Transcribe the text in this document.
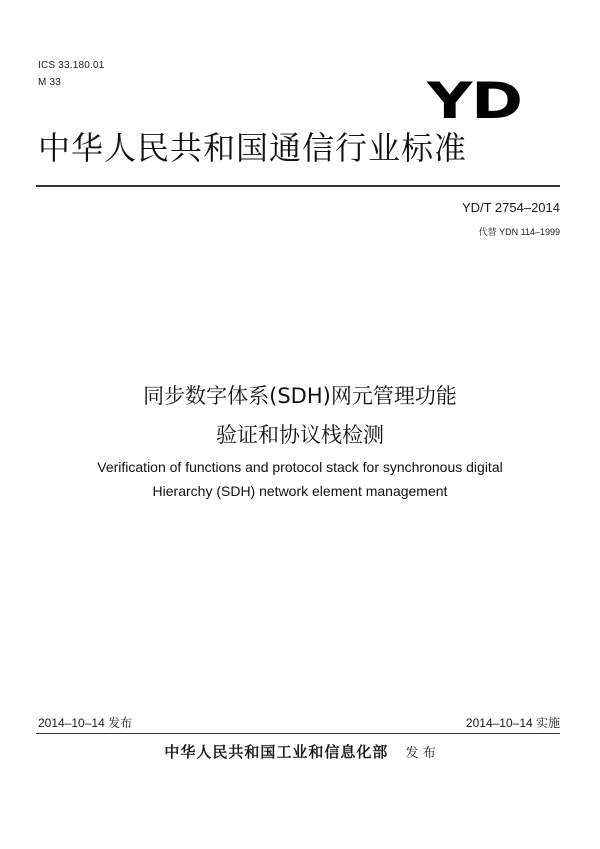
ICS 33.180.01

M 33	YD
中华人民共和国通信行业标准

YD/T 2754–2014

代替 YDN 114–1999

同步数字体系(SDH)网元管理功能
验证和协议栈检测

Verification of functions and protocol stack for synchronous digital

Hierarchy (SDH) network element management

2014–10–14 发布	2014–10–14 实施

中华人民共和国工业和信息化部 发 布
